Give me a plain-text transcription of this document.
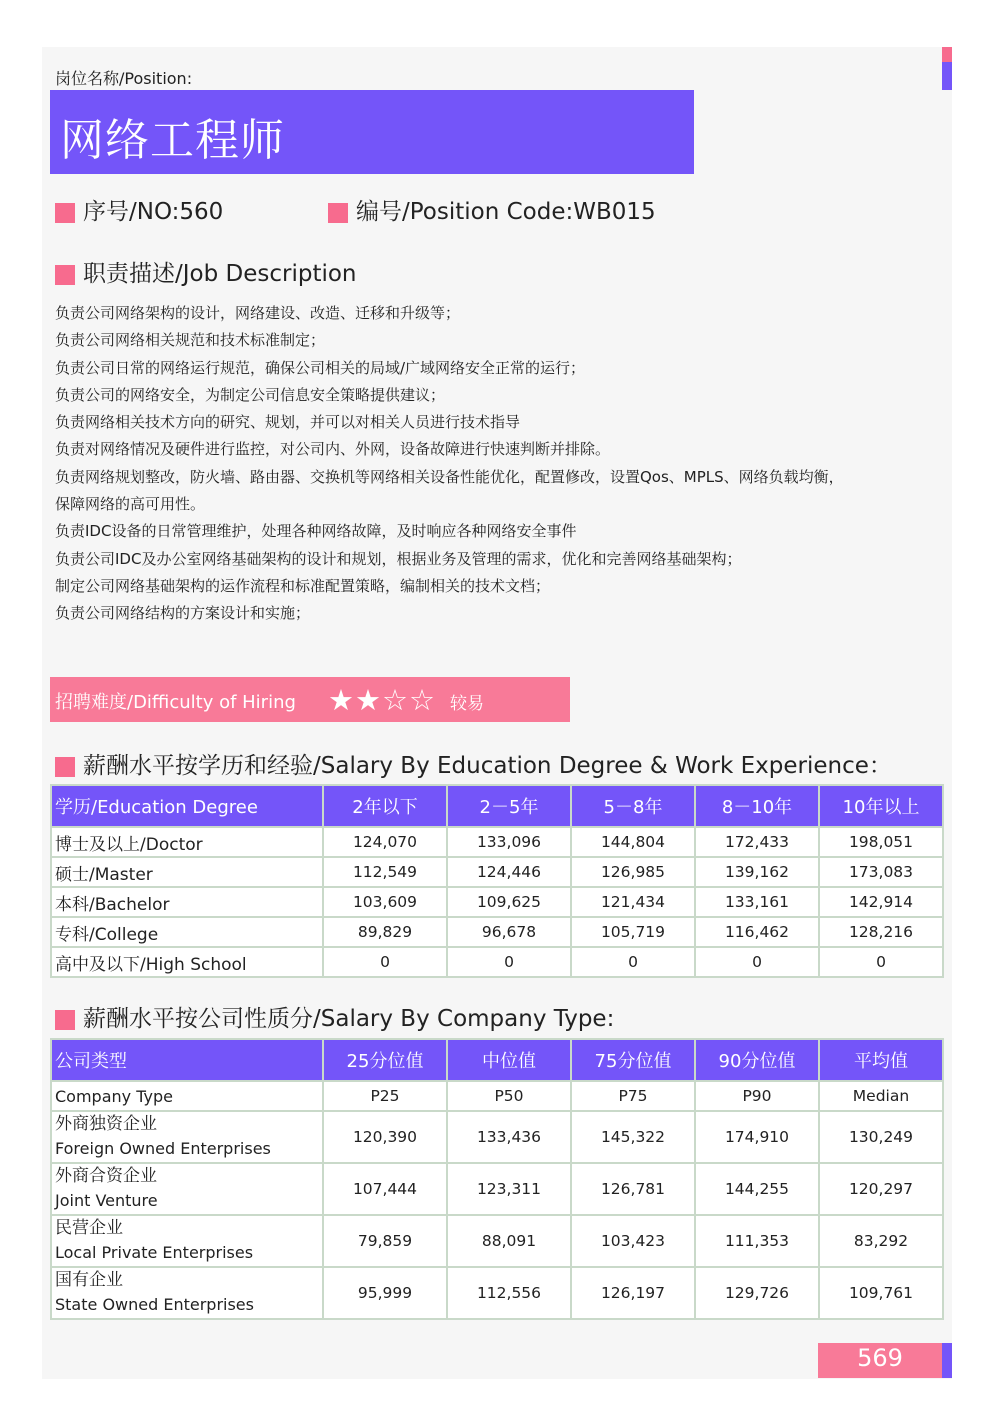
岗位名称/Position:
网络工程师
序号/NO:560	编号/Position Code:WB015
职责描述/Job Description
负责公司网络架构的设计，网络建设、改造、迁移和升级等；
负责公司网络相关规范和技术标准制定；
负责公司日常的网络运行规范，确保公司相关的局域/广域网络安全正常的运行；
负责公司的网络安全，为制定公司信息安全策略提供建议；
负责网络相关技术方向的研究、规划，并可以对相关人员进行技术指导
负责对网络情况及硬件进行监控，对公司内、外网，设备故障进行快速判断并排除。
负责网络规划整改，防火墙、路由器、交换机等网络相关设备性能优化，配置修改，设置Qos、MPLS、网络负载均衡，
保障网络的高可用性。
负责IDC设备的日常管理维护，处理各种网络故障，及时响应各种网络安全事件
负责公司IDC及办公室网络基础架构的设计和规划，根据业务及管理的需求，优化和完善网络基础架构；
制定公司网络基础架构的运作流程和标准配置策略，编制相关的技术文档；
负责公司网络结构的方案设计和实施；
招聘难度/Difficulty of Hiring ★★☆☆ 较易
薪酬水平按学历和经验/Salary By Education Degree & Work Experience：
学历/Education Degree	2年以下	2－5年	5－8年	8－10年	10年以上
博士及以上/Doctor	124,070	133,096	144,804	172,433	198,051
硕士/Master	112,549	124,446	126,985	139,162	173,083
本科/Bachelor	103,609	109,625	121,434	133,161	142,914
专科/College	89,829	96,678	105,719	116,462	128,216
高中及以下/High School	0	0	0	0	0
薪酬水平按公司性质分/Salary By Company Type:
公司类型	25分位值	中位值	75分位值	90分位值	平均值
Company Type	P25	P50	P75	P90	Median

外商独资企业
Foreign Owned Enterprises	120,390	133,436	145,322	174,910	130,249

外商合资企业
Joint Venture	107,444	123,311	126,781	144,255	120,297

民营企业
Local Private Enterprises	79,859	88,091	103,423	111,353	83,292

国有企业
State Owned Enterprises	95,999	112,556	126,197	129,726	109,761
569
